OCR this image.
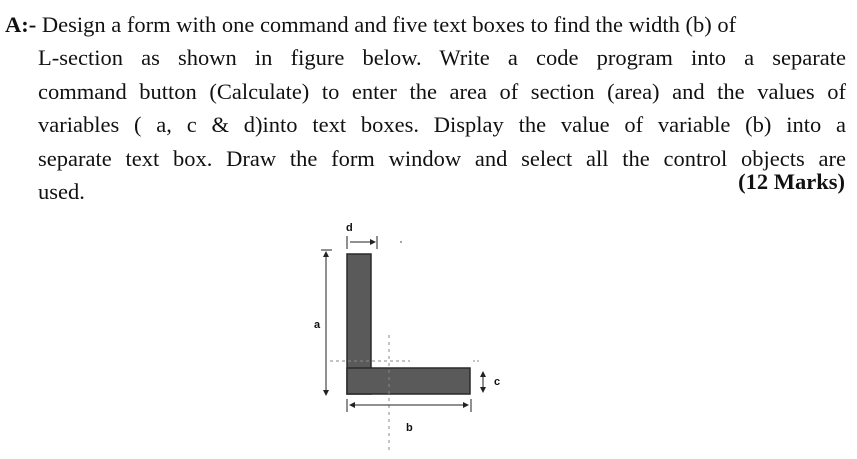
A:- Design a form with one command and five text boxes to find the width (b) of
L-section as shown in figure below. Write a code program into a separate
command button (Calculate) to enter the area of section (area) and the values of
variables ( a, c & d)into text boxes. Display the value of variable (b) into a
separate text box. Draw the form window and select all the control objects are
used.	(12 Marks)
d
a
c
b
